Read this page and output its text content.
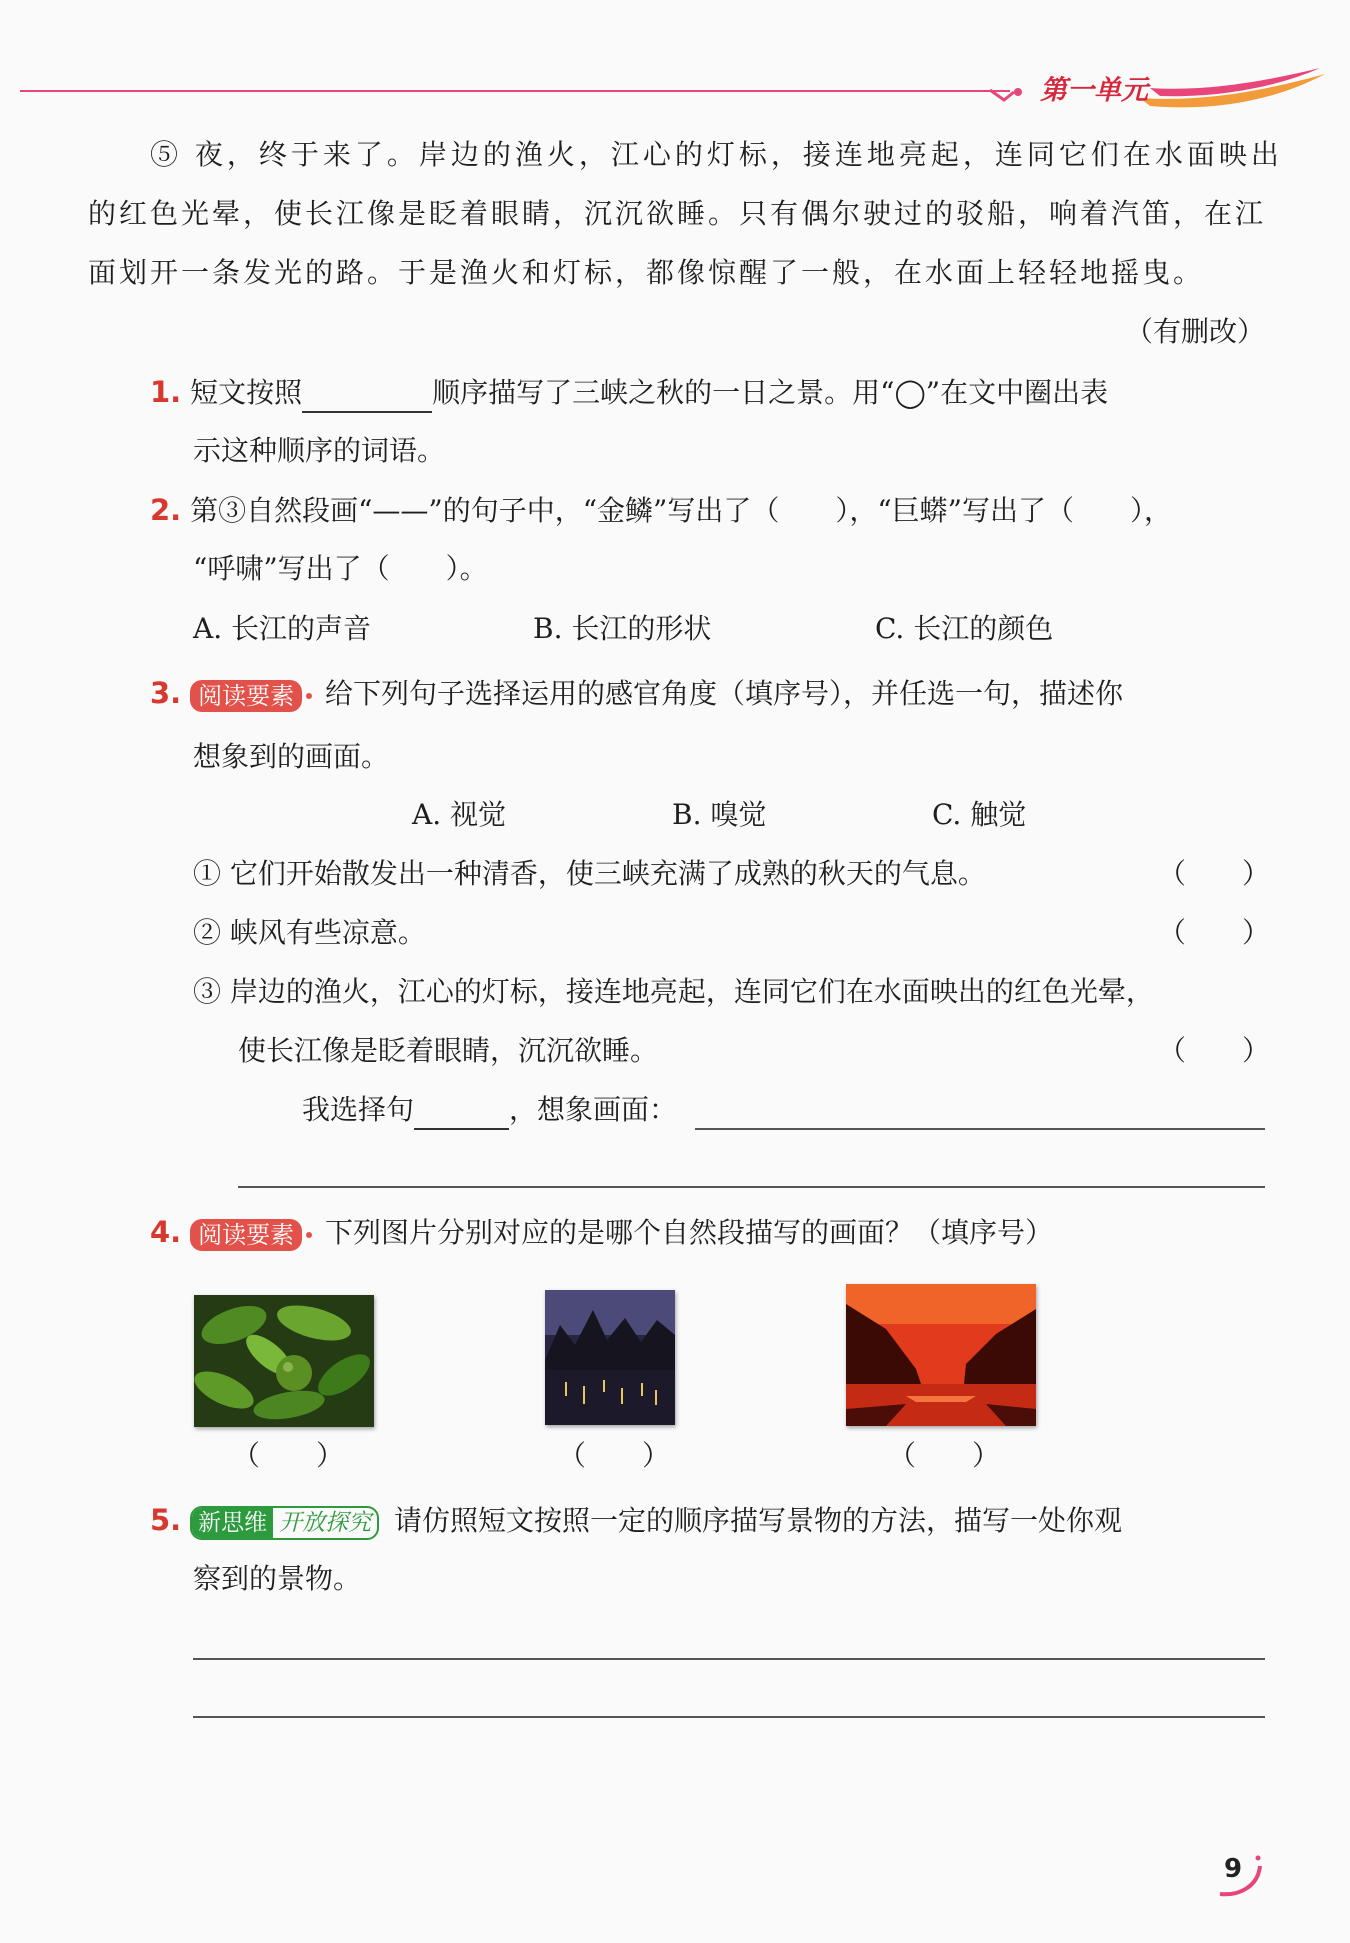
第一单元
⑤ 夜，终于来了。岸边的渔火，江心的灯标，接连地亮起，连同它们在水面映出
的红色光晕，使长江像是眨着眼睛，沉沉欲睡。只有偶尔驶过的驳船，响着汽笛，在江
面划开一条发光的路。于是渔火和灯标，都像惊醒了一般，在水面上轻轻地摇曳。
（有删改）
1. 短文按照	顺序描写了三峡之秋的一日之景。用“◯”在文中圈出表
示这种顺序的词语。
2. 第③自然段画“——”的句子中，“金鳞”写出了（　　），“巨蟒”写出了（　　），
“呼啸”写出了（　　）。
A. 长江的声音	B. 长江的形状	C. 长江的颜色
3. 阅读要素 给下列句子选择运用的感官角度（填序号），并任选一句，描述你
想象到的画面。
A. 视觉	B. 嗅觉	C. 触觉
① 它们开始散发出一种清香，使三峡充满了成熟的秋天的气息。	（　　）
② 峡风有些凉意。	（　　）
③ 岸边的渔火，江心的灯标，接连地亮起，连同它们在水面映出的红色光晕，
使长江像是眨着眼睛，沉沉欲睡。	（　　）
我选择句	，想象画面：
4. 阅读要素 下列图片分别对应的是哪个自然段描写的画面？（填序号）
（　　）	（　　）	（　　）
5. 新思维 开放探究 请仿照短文按照一定的顺序描写景物的方法，描写一处你观
察到的景物。
9
